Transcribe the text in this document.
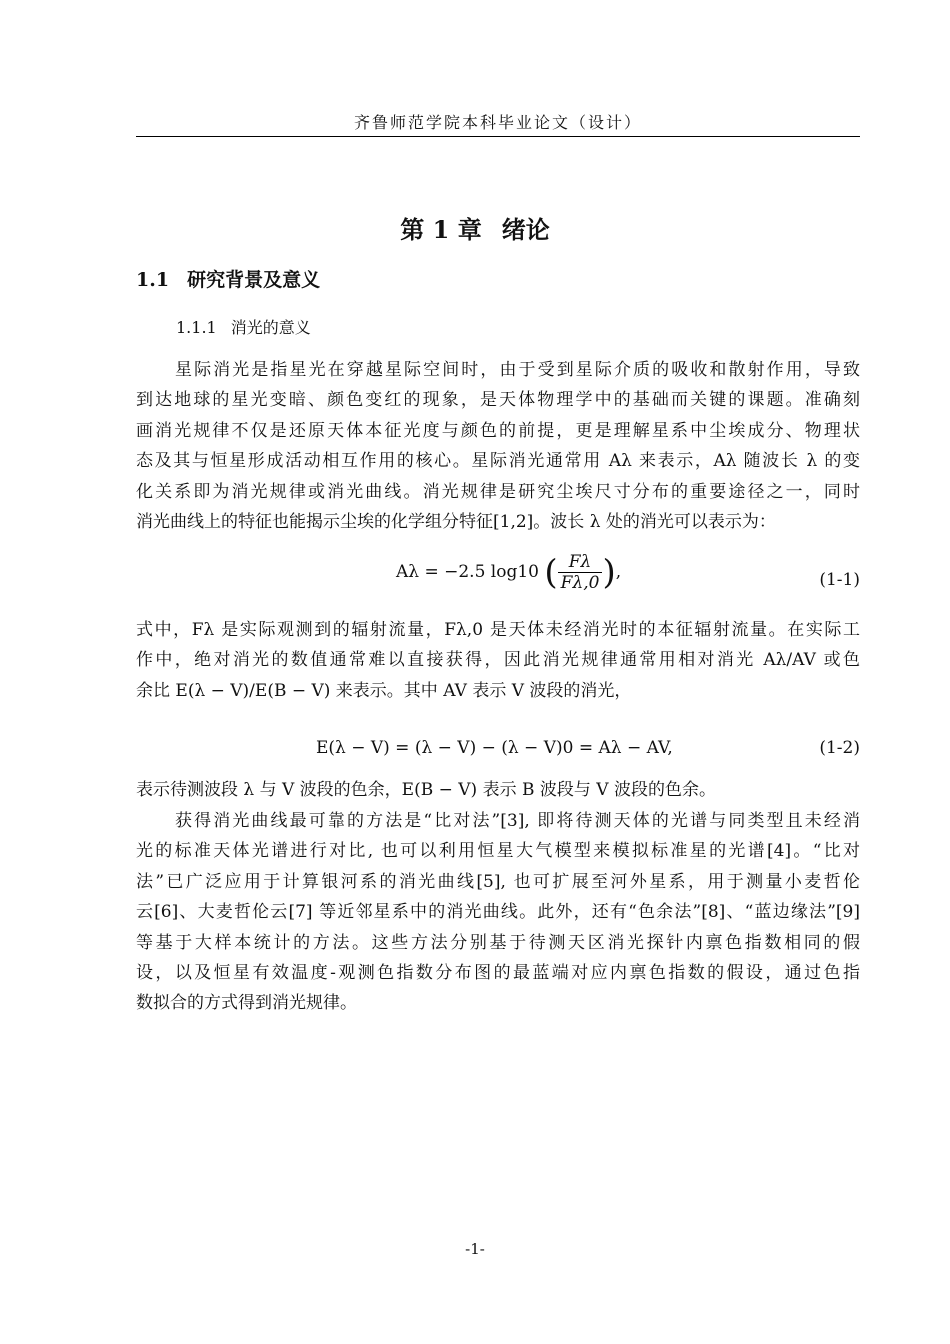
齐鲁师范学院本科毕业论文（设计）
第 1 章 绪论
1.1 研究背景及意义
1.1.1 消光的意义
星际消光是指星光在穿越星际空间时，由于受到星际介质的吸收和散射作用，导致
到达地球的星光变暗、颜色变红的现象，是天体物理学中的基础而关键的课题。准确刻
画消光规律不仅是还原天体本征光度与颜色的前提，更是理解星系中尘埃成分、物理状
态及其与恒星形成活动相互作用的核心。星际消光通常用 Aλ 来表示，Aλ 随波长 λ 的变
化关系即为消光规律或消光曲线。消光规律是研究尘埃尺寸分布的重要途径之一，同时
消光曲线上的特征也能揭示尘埃的化学组分特征[1,2]。波长 λ 处的消光可以表示为：
Aλ = −2.5 log10 ( $\frac{F\lambda}{F\lambda,0}$ ),	(1-1)
式中，Fλ 是实际观测到的辐射流量，Fλ,0 是天体未经消光时的本征辐射流量。在实际工
作中，绝对消光的数值通常难以直接获得，因此消光规律通常用相对消光 Aλ/AV 或色
余比 E(λ − V)/E(B − V) 来表示。其中 AV 表示 V 波段的消光，
E(λ − V) = (λ − V) − (λ − V)0 = Aλ − AV,	(1-2)
表示待测波段 λ 与 V 波段的色余，E(B − V) 表示 B 波段与 V 波段的色余。
获得消光曲线最可靠的方法是“比对法”[3], 即将待测天体的光谱与同类型且未经消
光的标准天体光谱进行对比, 也可以利用恒星大气模型来模拟标准星的光谱[4]。“比对
法”已广泛应用于计算银河系的消光曲线[5], 也可扩展至河外星系，用于测量小麦哲伦
云[6]、大麦哲伦云[7] 等近邻星系中的消光曲线。此外，还有“色余法”[8]、“蓝边缘法”[9]
等基于大样本统计的方法。这些方法分别基于待测天区消光探针内禀色指数相同的假
设，以及恒星有效温度-观测色指数分布图的最蓝端对应内禀色指数的假设，通过色指
数拟合的方式得到消光规律。
-1-
